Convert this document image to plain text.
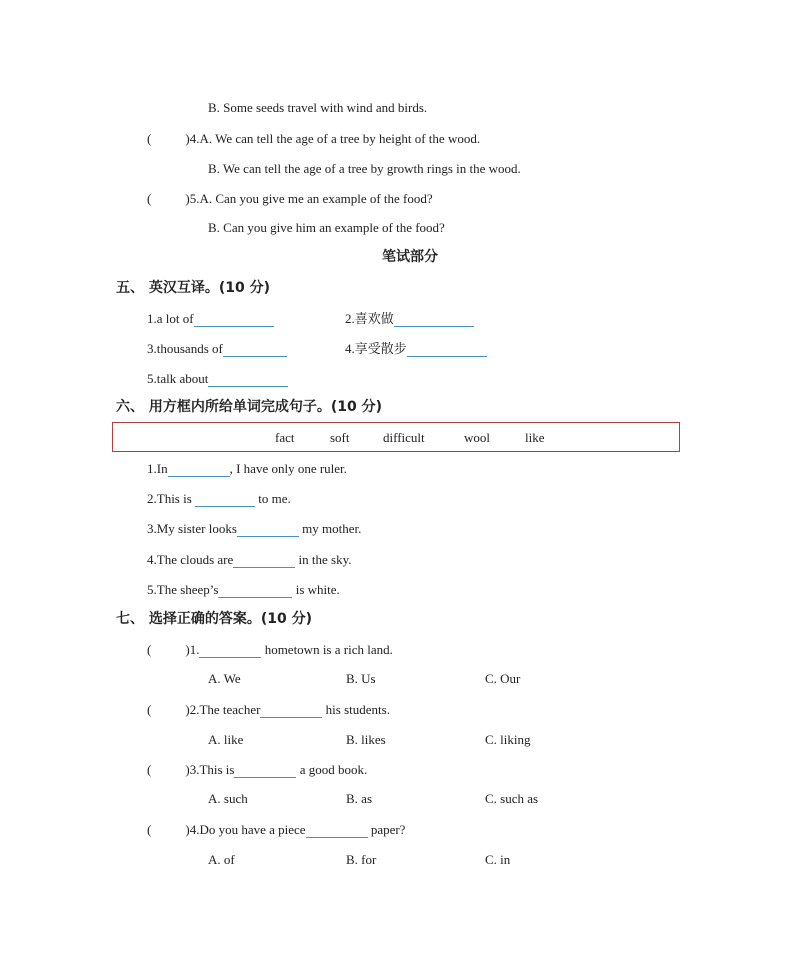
B. Some seeds travel with wind and birds.
(	)4.A. We can tell the age of a tree by height of the wood.
B. We can tell the age of a tree by growth rings in the wood.
(	)5.A. Can you give me an example of the food?
B. Can you give him an example of the food?
笔试部分
五、 英汉互译。(10 分)
1.a lot of	2.喜欢做
3.thousands of	4.享受散步
5.talk about
六、 用方框内所给单词完成句子。(10 分)
fact	soft	difficult	wool	like
1.In	, I have only one ruler.
2.This is	to me.
3.My sister looks	my mother.
4.The clouds are	in the sky.
5.The sheep’s	is white.
七、 选择正确的答案。(10 分)
(	)1.	hometown is a rich land.
A. We	B. Us	C. Our
(	)2.The teacher	his students.
A. like	B. likes	C. liking
(	)3.This is	a good book.
A. such	B. as	C. such as
(	)4.Do you have a piece	paper?
A. of	B. for	C. in
